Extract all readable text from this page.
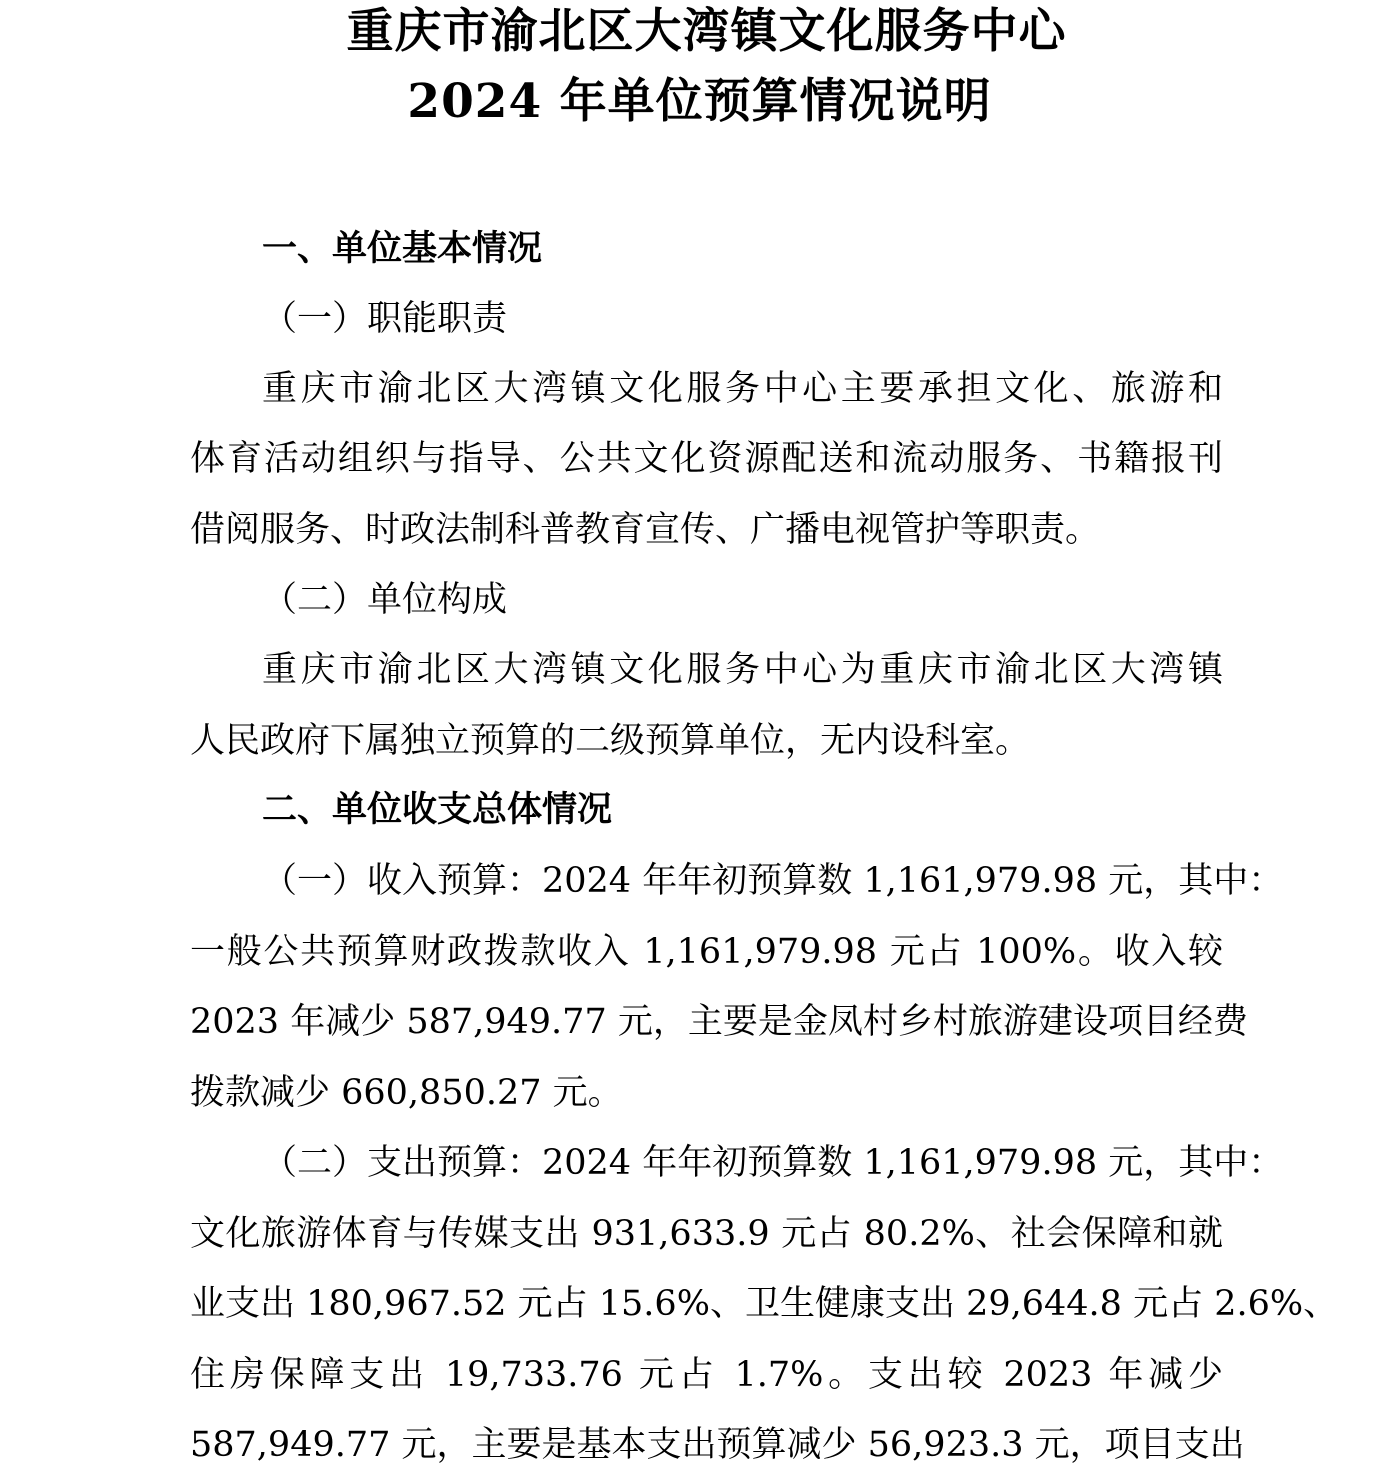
重庆市渝北区大湾镇文化服务中心
2024 年单位预算情况说明
一、单位基本情况
（一）职能职责
重庆市渝北区大湾镇文化服务中心主要承担文化、旅游和
体育活动组织与指导、公共文化资源配送和流动服务、书籍报刊
借阅服务、时政法制科普教育宣传、广播电视管护等职责。
（二）单位构成
重庆市渝北区大湾镇文化服务中心为重庆市渝北区大湾镇
人民政府下属独立预算的二级预算单位，无内设科室。
二、单位收支总体情况
（一）收入预算：2024 年年初预算数 1,161,979.98 元，其中：
一般公共预算财政拨款收入 1,161,979.98 元占 100%。收入较
2023 年减少 587,949.77 元，主要是金凤村乡村旅游建设项目经费
拨款减少 660,850.27 元。
（二）支出预算：2024 年年初预算数 1,161,979.98 元，其中：
文化旅游体育与传媒支出 931,633.9 元占 80.2%、社会保障和就
业支出 180,967.52 元占 15.6%、卫生健康支出 29,644.8 元占 2.6%、
住房保障支出 19,733.76 元占 1.7%。支出较 2023 年减少
587,949.77 元，主要是基本支出预算减少 56,923.3 元，项目支出
